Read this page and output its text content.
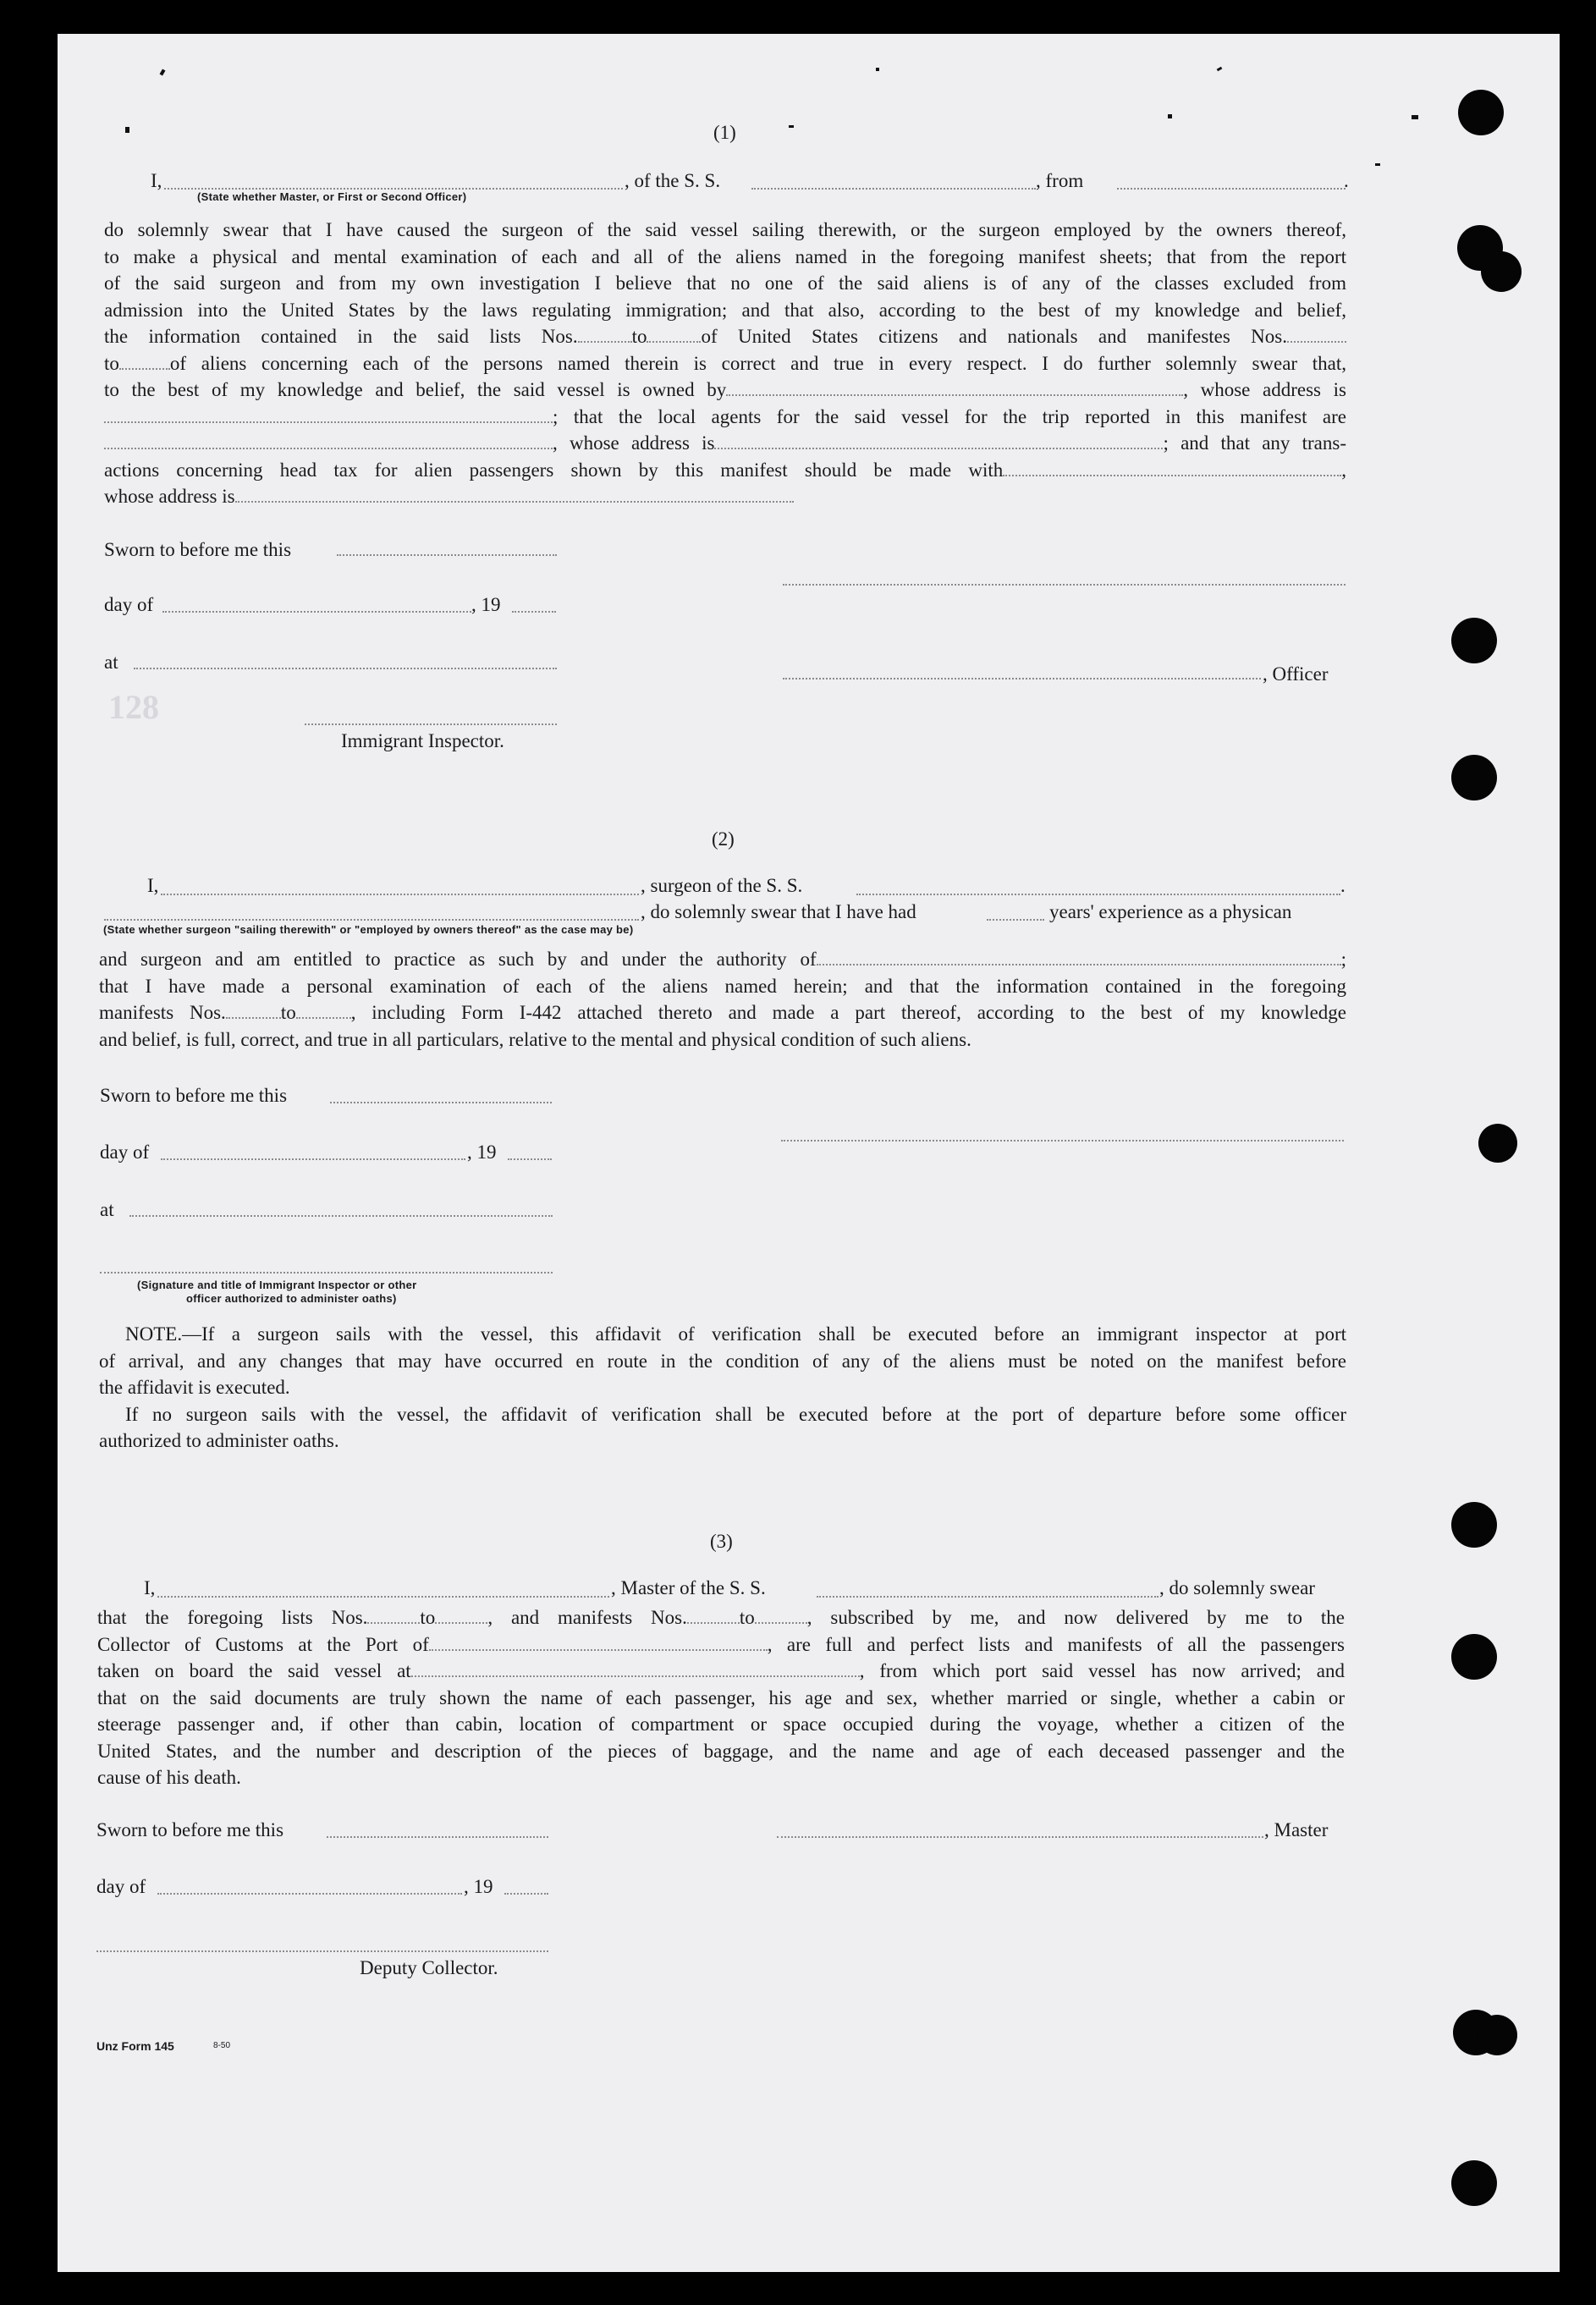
128
(1)
I,	, of the S. S.	, from	.
(State whether Master, or First or Second Officer)
do solemnly swear that I have caused the surgeon of the said vessel sailing therewith, or the surgeon employed by the owners thereof,
to make a physical and mental examination of each and all of the aliens named in the foregoing manifest sheets; that from the report
of the said surgeon and from my own investigation I believe that no one of the said aliens is of any of the classes excluded from
admission into the United States by the laws regulating immigration; and that also, according to the best of my knowledge and belief,
the information contained in the said lists Nos.	to	of United States citizens and nationals and manifestes Nos.
to	of aliens concerning each of the persons named therein is correct and true in every respect. I do further solemnly swear that,
to the best of my knowledge and belief, the said vessel is owned by	, whose address is
; that the local agents for the said vessel for the trip reported in this manifest are
, whose address is	; and that any trans-
actions concerning head tax for alien passengers shown by this manifest should be made with	,
whose address is
Sworn to before me this
day of	, 19
at
, Officer
Immigrant Inspector.
(2)
I,	, surgeon of the S. S.	.
, do solemnly swear that I have had	years' experience as a physican
(State whether surgeon "sailing therewith" or "employed by owners thereof" as the case may be)
and surgeon and am entitled to practice as such by and under the authority of	;
that I have made a personal examination of each of the aliens named herein; and that the information contained in the foregoing
manifests Nos.	to	, including Form I-442 attached thereto and made a part thereof, according to the best of my knowledge
and belief, is full, correct, and true in all particulars, relative to the mental and physical condition of such aliens.
Sworn to before me this
day of	, 19
at
(Signature and title of Immigrant Inspector or other
officer authorized to administer oaths)
NOTE.—If a surgeon sails with the vessel, this affidavit of verification shall be executed before an immigrant inspector at port
of arrival, and any changes that may have occurred en route in the condition of any of the aliens must be noted on the manifest before
the affidavit is executed.
If no surgeon sails with the vessel, the affidavit of verification shall be executed before at the port of departure before some officer
authorized to administer oaths.
(3)
I,	, Master of the S. S.	, do solemnly swear
that the foregoing lists Nos.	to	, and manifests Nos.	to	, subscribed by me, and now delivered by me to the
Collector of Customs at the Port of	, are full and perfect lists and manifests of all the passengers
taken on board the said vessel at	, from which port said vessel has now arrived; and
that on the said documents are truly shown the name of each passenger, his age and sex, whether married or single, whether a cabin or
steerage passenger and, if other than cabin, location of compartment or space occupied during the voyage, whether a citizen of the
United States, and the number and description of the pieces of baggage, and the name and age of each deceased passenger and the
cause of his death.
Sworn to before me this	, Master
day of	, 19
Deputy Collector.
Unz Form 145	8-50
